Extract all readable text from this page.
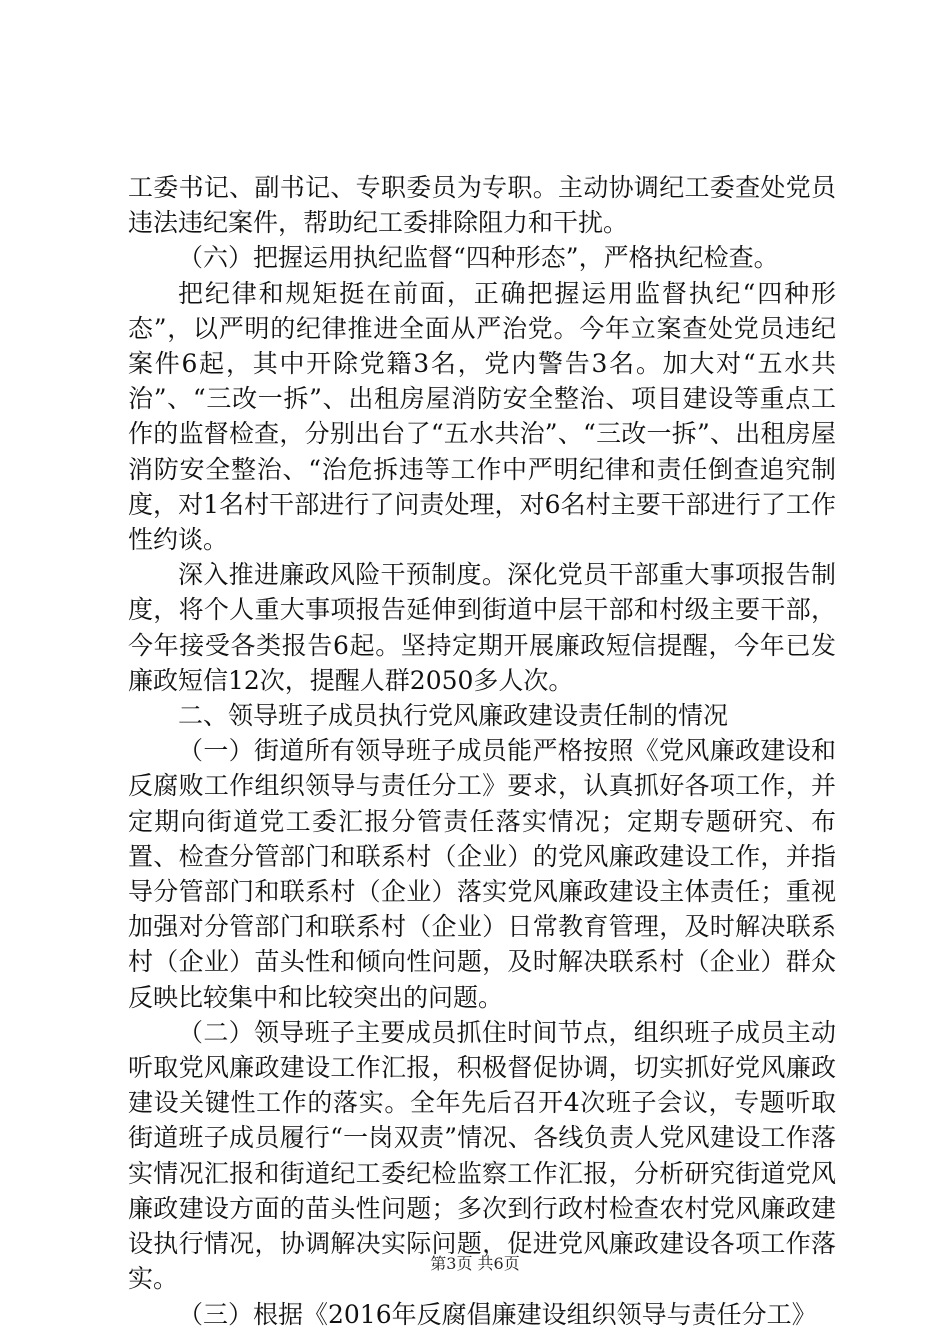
工委书记、副书记、专职委员为专职。主动协调纪工委查处党员违法违纪案件，帮助纪工委排除阻力和干扰。

（六）把握运用执纪监督“四种形态”，严格执纪检查。

把纪律和规矩挺在前面，正确把握运用监督执纪“四种形态”，以严明的纪律推进全面从严治党。今年立案查处党员违纪案件6起，其中开除党籍3名，党内警告3名。加大对“五水共治”、“三改一拆”、出租房屋消防安全整治、项目建设等重点工作的监督检查，分别出台了“五水共治”、“三改一拆”、出租房屋消防安全整治、“治危拆违等工作中严明纪律和责任倒查追究制度，对1名村干部进行了问责处理，对6名村主要干部进行了工作性约谈。

深入推进廉政风险干预制度。深化党员干部重大事项报告制度，将个人重大事项报告延伸到街道中层干部和村级主要干部，今年接受各类报告6起。坚持定期开展廉政短信提醒，今年已发廉政短信12次，提醒人群2050多人次。

二、领导班子成员执行党风廉政建设责任制的情况

（一）街道所有领导班子成员能严格按照《党风廉政建设和反腐败工作组织领导与责任分工》要求，认真抓好各项工作，并定期向街道党工委汇报分管责任落实情况；定期专题研究、布置、检查分管部门和联系村（企业）的党风廉政建设工作，并指导分管部门和联系村（企业）落实党风廉政建设主体责任；重视加强对分管部门和联系村（企业）日常教育管理，及时解决联系村（企业）苗头性和倾向性问题，及时解决联系村（企业）群众反映比较集中和比较突出的问题。

（二）领导班子主要成员抓住时间节点，组织班子成员主动听取党风廉政建设工作汇报，积极督促协调，切实抓好党风廉政建设关键性工作的落实。全年先后召开4次班子会议，专题听取街道班子成员履行“一岗双责”情况、各线负责人党风建设工作落实情况汇报和街道纪工委纪检监察工作汇报，分析研究街道党风廉政建设方面的苗头性问题；多次到行政村检查农村党风廉政建设执行情况，协调解决实际问题，促进党风廉政建设各项工作落实。

（三）根据《2016年反腐倡廉建设组织领导与责任分工》

第3页 共6页
